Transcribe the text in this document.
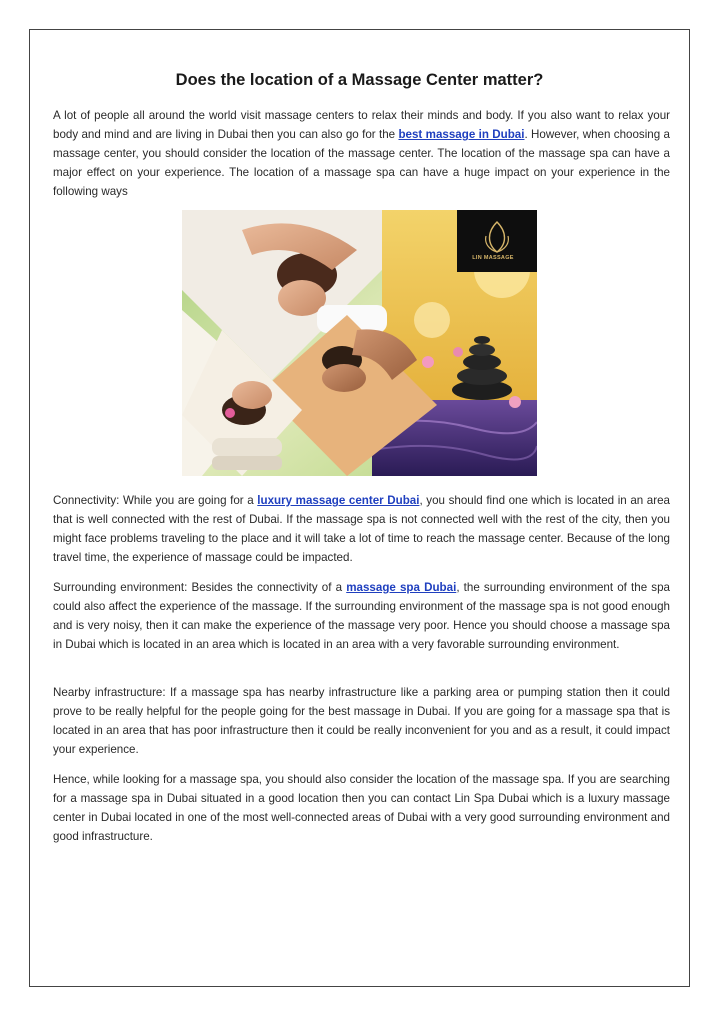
Does the location of a Massage Center matter?
A lot of people all around the world visit massage centers to relax their minds and body. If you also want to relax your body and mind and are living in Dubai then you can also go for the best massage in Dubai. However, when choosing a massage center, you should consider the location of the massage center. The location of the massage spa can have a major effect on your experience. The location of a massage spa can have a huge impact on your experience in the following ways
LIN MASSAGE
Connectivity: While you are going for a luxury massage center Dubai, you should find one which is located in an area that is well connected with the rest of Dubai. If the massage spa is not connected well with the rest of the city, then you might face problems traveling to the place and it will take a lot of time to reach the massage center. Because of the long travel time, the experience of massage could be impacted.
Surrounding environment: Besides the connectivity of a massage spa Dubai, the surrounding environment of the spa could also affect the experience of the massage. If the surrounding environment of the massage spa is not good enough and is very noisy, then it can make the experience of the massage very poor. Hence you should choose a massage spa in Dubai which is located in an area which is located in an area with a very favorable surrounding environment.
Nearby infrastructure: If a massage spa has nearby infrastructure like a parking area or pumping station then it could prove to be really helpful for the people going for the best massage in Dubai. If you are going for a massage spa that is located in an area that has poor infrastructure then it could be really inconvenient for you and as a result, it could impact your experience.
Hence, while looking for a massage spa, you should also consider the location of the massage spa. If you are searching for a massage spa in Dubai situated in a good location then you can contact Lin Spa Dubai which is a luxury massage center in Dubai located in one of the most well-connected areas of Dubai with a very good surrounding environment and good infrastructure.
